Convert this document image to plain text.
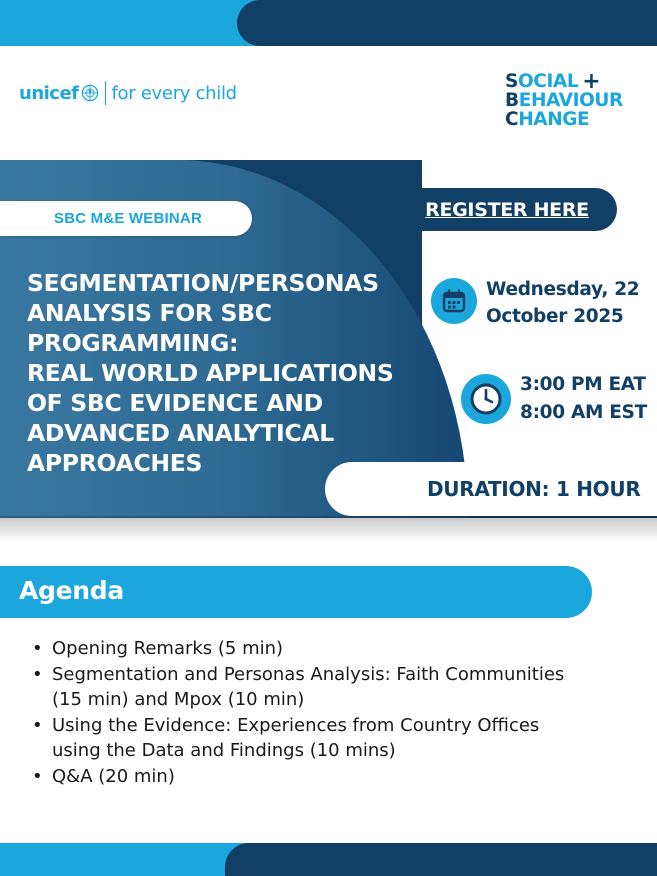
unicef for every child
S OCIAL +
B EHAVIOUR
C HANGE
SBC M&E WEBINAR
SEGMENTATION/PERSONAS
ANALYSIS FOR SBC
PROGRAMMING:
REAL WORLD APPLICATIONS
OF SBC EVIDENCE AND
ADVANCED ANALYTICAL
APPROACHES
REGISTER HERE
Wednesday, 22
October 2025
3:00 PM EAT
8:00 AM EST
DURATION: 1 HOUR
Agenda
• Opening Remarks (5 min)
• Segmentation and Personas Analysis: Faith Communities
(15 min) and Mpox (10 min)
• Using the Evidence: Experiences from Country Offices
using the Data and Findings (10 mins)
• Q&A (20 min)
